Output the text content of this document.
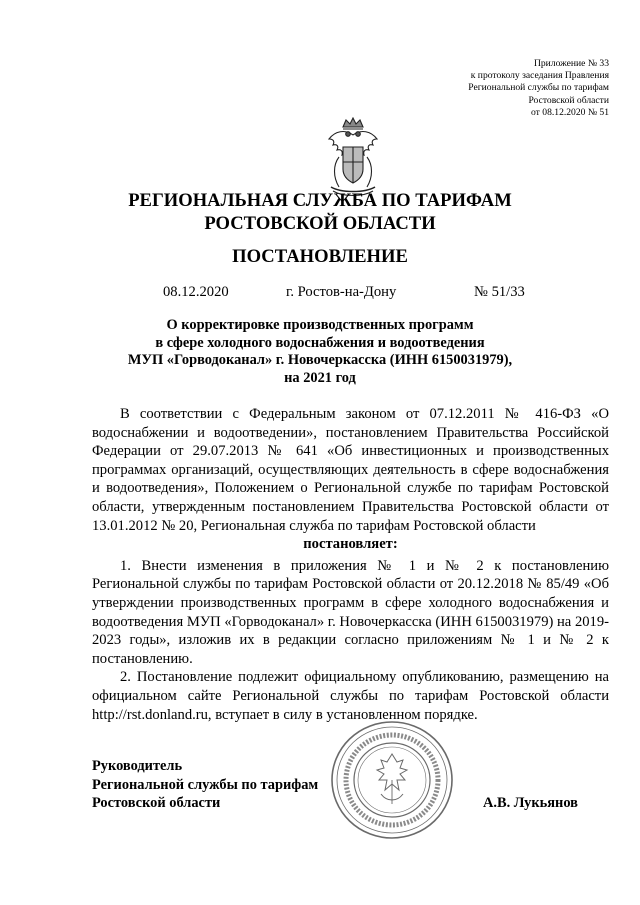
Приложение № 33
к протоколу заседания Правления
Региональной службы по тарифам
Ростовской области
от 08.12.2020 № 51
РЕГИОНАЛЬНАЯ СЛУЖБА ПО ТАРИФАМ
РОСТОВСКОЙ ОБЛАСТИ
ПОСТАНОВЛЕНИЕ
08.12.2020	г. Ростов-на-Дону	№ 51/33
О корректировке производственных программ
в сфере холодного водоснабжения и водоотведения
МУП «Горводоканал» г. Новочеркасска (ИНН 6150031979),
на 2021 год

В соответствии с Федеральным законом от 07.12.2011 № 416-ФЗ «О водоснабжении и водоотведении», постановлением Правительства Российской Федерации от 29.07.2013 № 641 «Об инвестиционных и производственных программах организаций, осуществляющих деятельность в сфере водоснабжения и водоотведения», Положением о Региональной службе по тарифам Ростовской области, утвержденным постановлением Правительства Ростовской области от 13.01.2012 № 20, Региональная служба по тарифам Ростовской области

постановляет:

1. Внести изменения в приложения № 1 и № 2 к постановлению Региональной службы по тарифам Ростовской области от 20.12.2018 № 85/49 «Об утверждении производственных программ в сфере холодного водоснабжения и водоотведения МУП «Горводоканал» г. Новочеркасска (ИНН 6150031979) на 2019-2023 годы», изложив их в редакции согласно приложениям № 1 и № 2 к постановлению.

2. Постановление подлежит официальному опубликованию, размещению на официальном сайте Региональной службы по тарифам Ростовской области http://rst.donland.ru, вступает в силу в установленном порядке.

Руководитель
Региональной службы по тарифам
Ростовской области	А.В. Лукьянов
